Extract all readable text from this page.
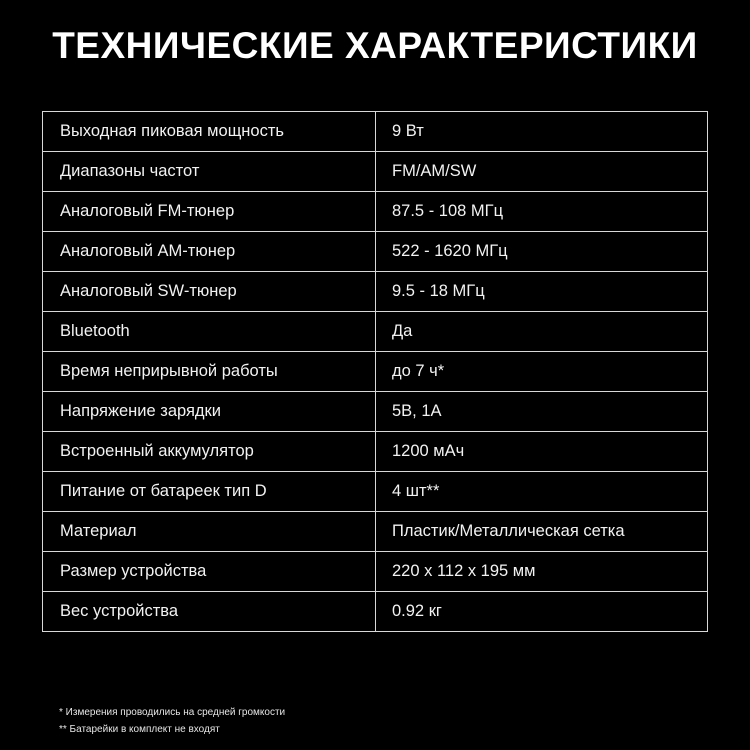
ТЕХНИЧЕСКИЕ ХАРАКТЕРИСТИКИ
Выходная пиковая мощность	9 Вт
Диапазоны частот	FM/AM/SW
Аналоговый FM-тюнер	87.5 - 108 МГц
Аналоговый AM-тюнер	522 - 1620 МГц
Аналоговый SW-тюнер	9.5 - 18 МГц
Bluetooth	Да
Время неприрывной работы	до 7 ч*
Напряжение зарядки	5В, 1А
Встроенный аккумулятор	1200 мАч
Питание от батареек тип D	4 шт**
Материал	Пластик/Металлическая сетка
Размер устройства	220 x 112 x 195 мм
Вес устройства	0.92 кг
* Измерения проводились на средней громкости
** Батарейки в комплект не входят
